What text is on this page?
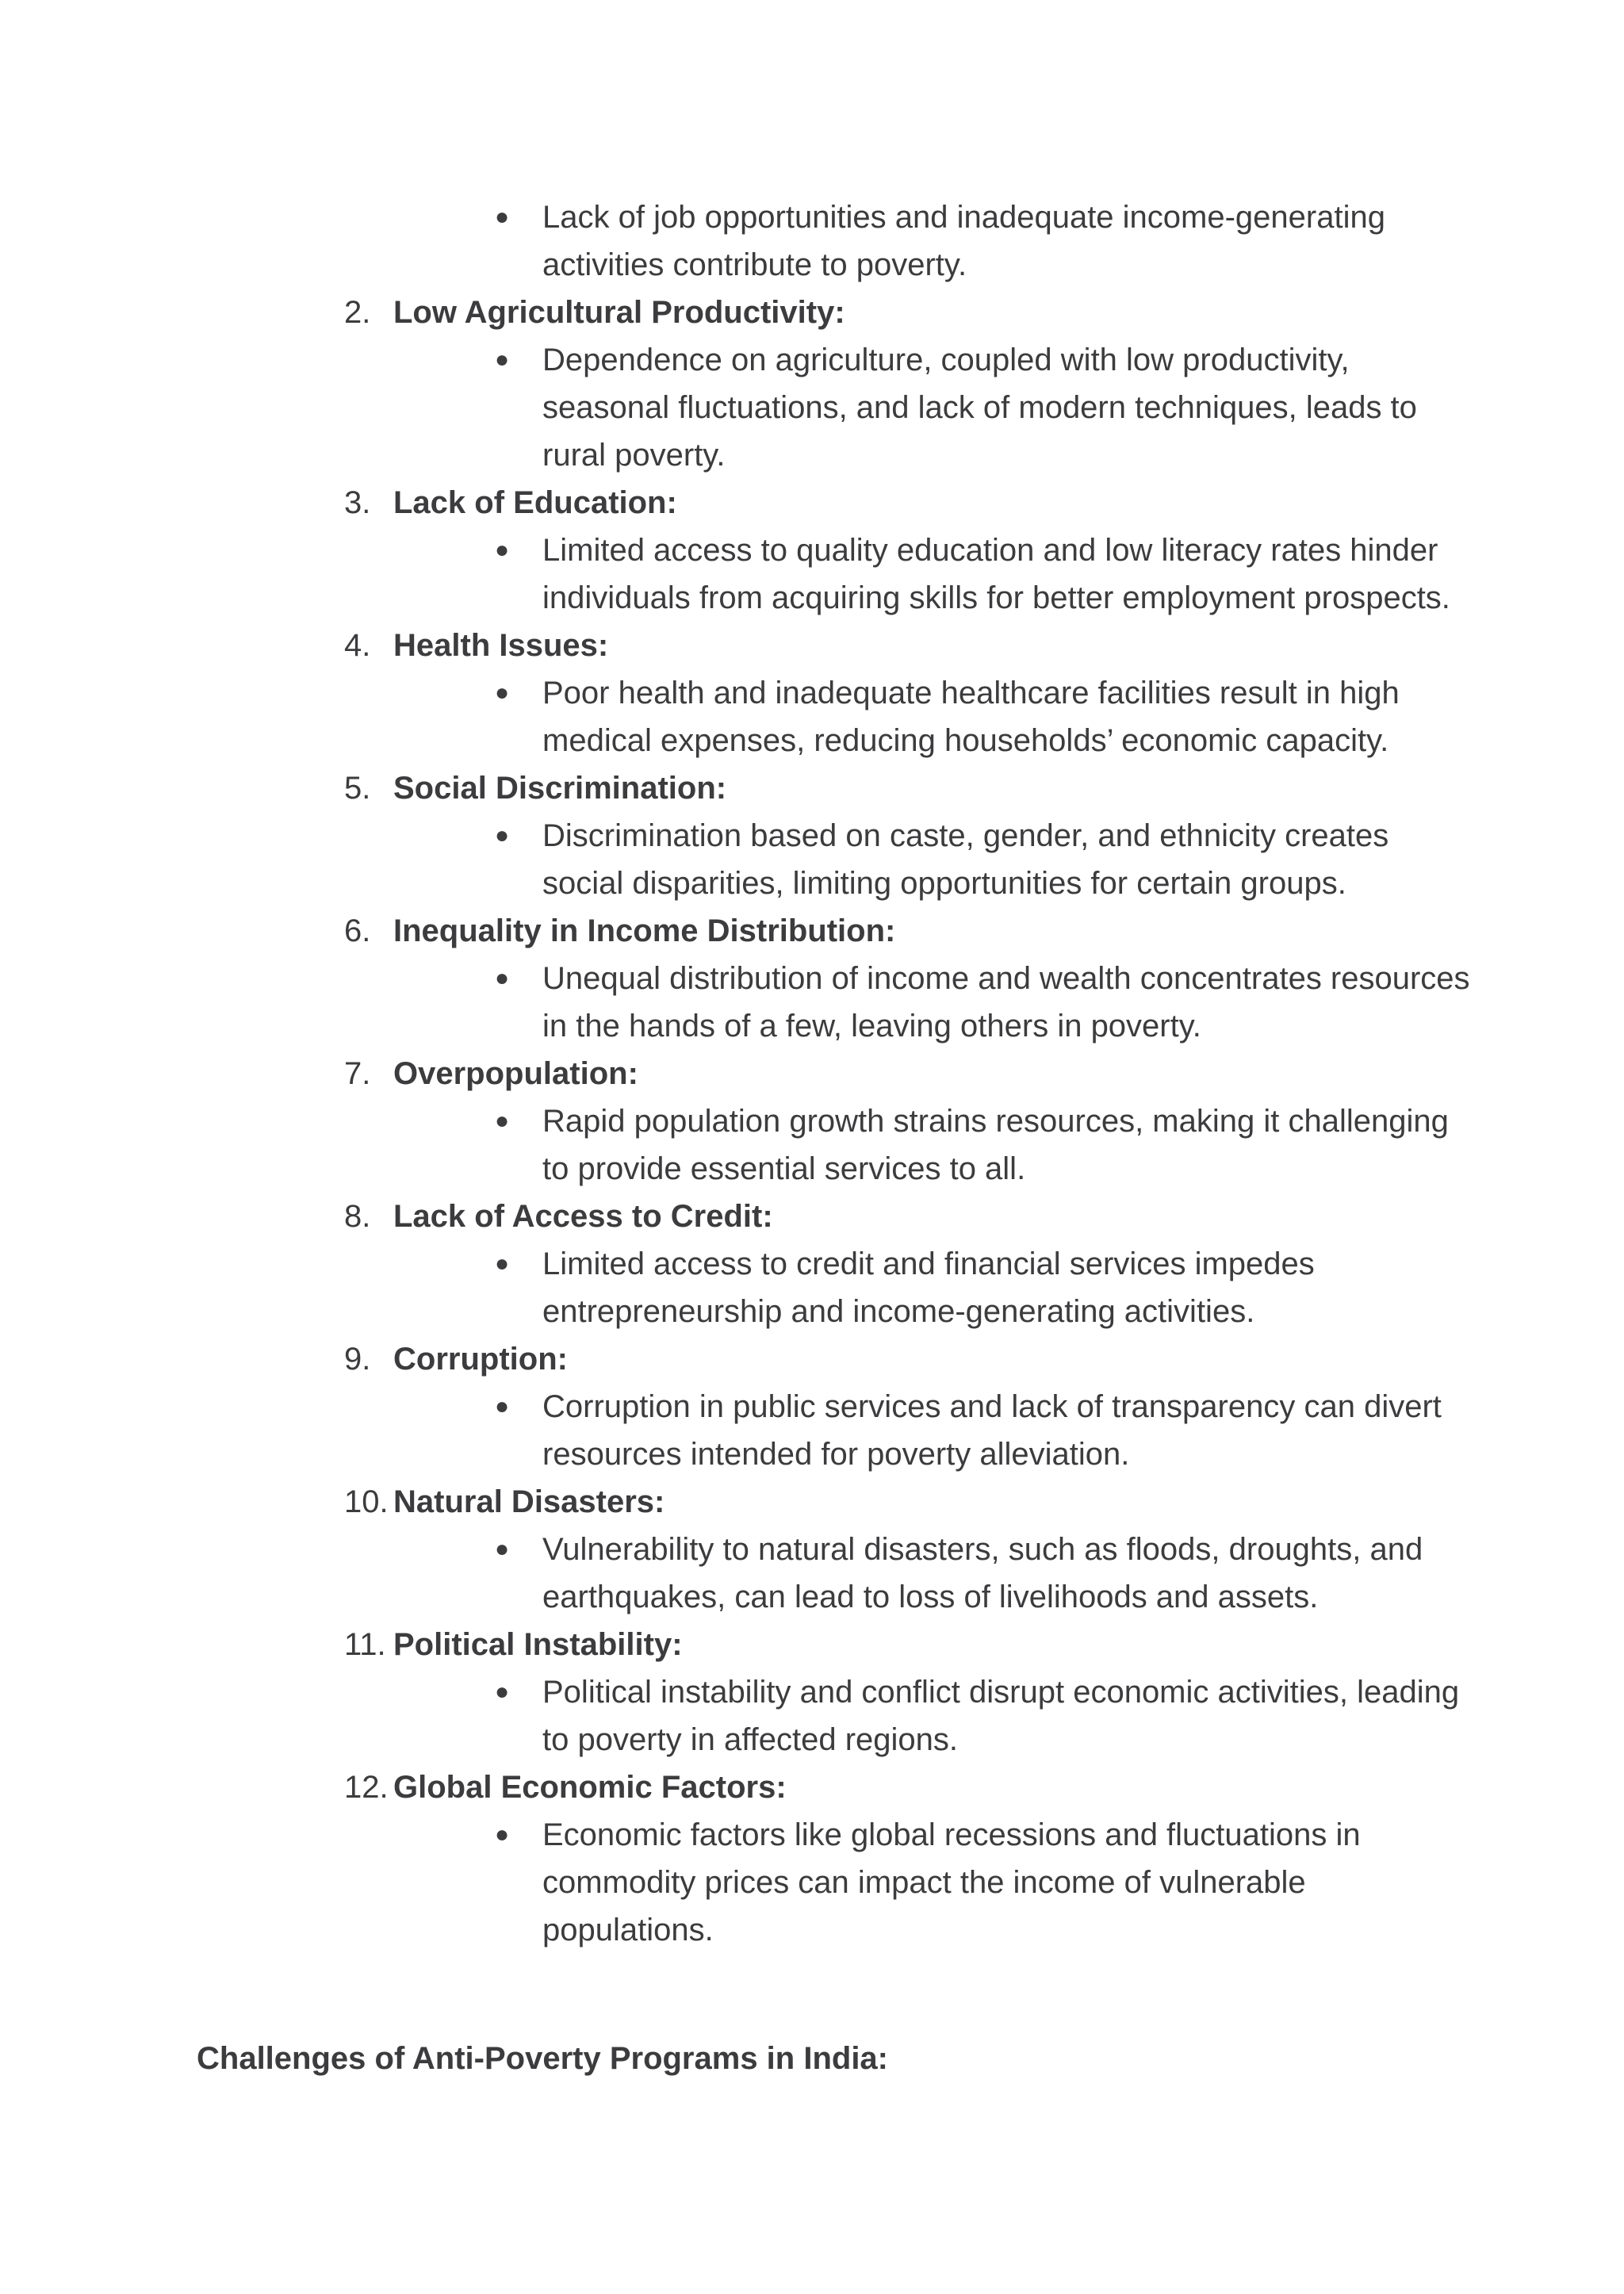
● Lack of job opportunities and inadequate income-generating activities contribute to poverty.
2. Low Agricultural Productivity:
● Dependence on agriculture, coupled with low productivity, seasonal fluctuations, and lack of modern techniques, leads to rural poverty.
3. Lack of Education:
● Limited access to quality education and low literacy rates hinder individuals from acquiring skills for better employment prospects.
4. Health Issues:
● Poor health and inadequate healthcare facilities result in high medical expenses, reducing households’ economic capacity.
5. Social Discrimination:
● Discrimination based on caste, gender, and ethnicity creates social disparities, limiting opportunities for certain groups.
6. Inequality in Income Distribution:
● Unequal distribution of income and wealth concentrates resources in the hands of a few, leaving others in poverty.
7. Overpopulation:
● Rapid population growth strains resources, making it challenging to provide essential services to all.
8. Lack of Access to Credit:
● Limited access to credit and financial services impedes entrepreneurship and income-generating activities.
9. Corruption:
● Corruption in public services and lack of transparency can divert resources intended for poverty alleviation.
10. Natural Disasters:
● Vulnerability to natural disasters, such as floods, droughts, and earthquakes, can lead to loss of livelihoods and assets.
11. Political Instability:
● Political instability and conflict disrupt economic activities, leading to poverty in affected regions.
12. Global Economic Factors:
● Economic factors like global recessions and fluctuations in commodity prices can impact the income of vulnerable populations.
Challenges of Anti-Poverty Programs in India:
